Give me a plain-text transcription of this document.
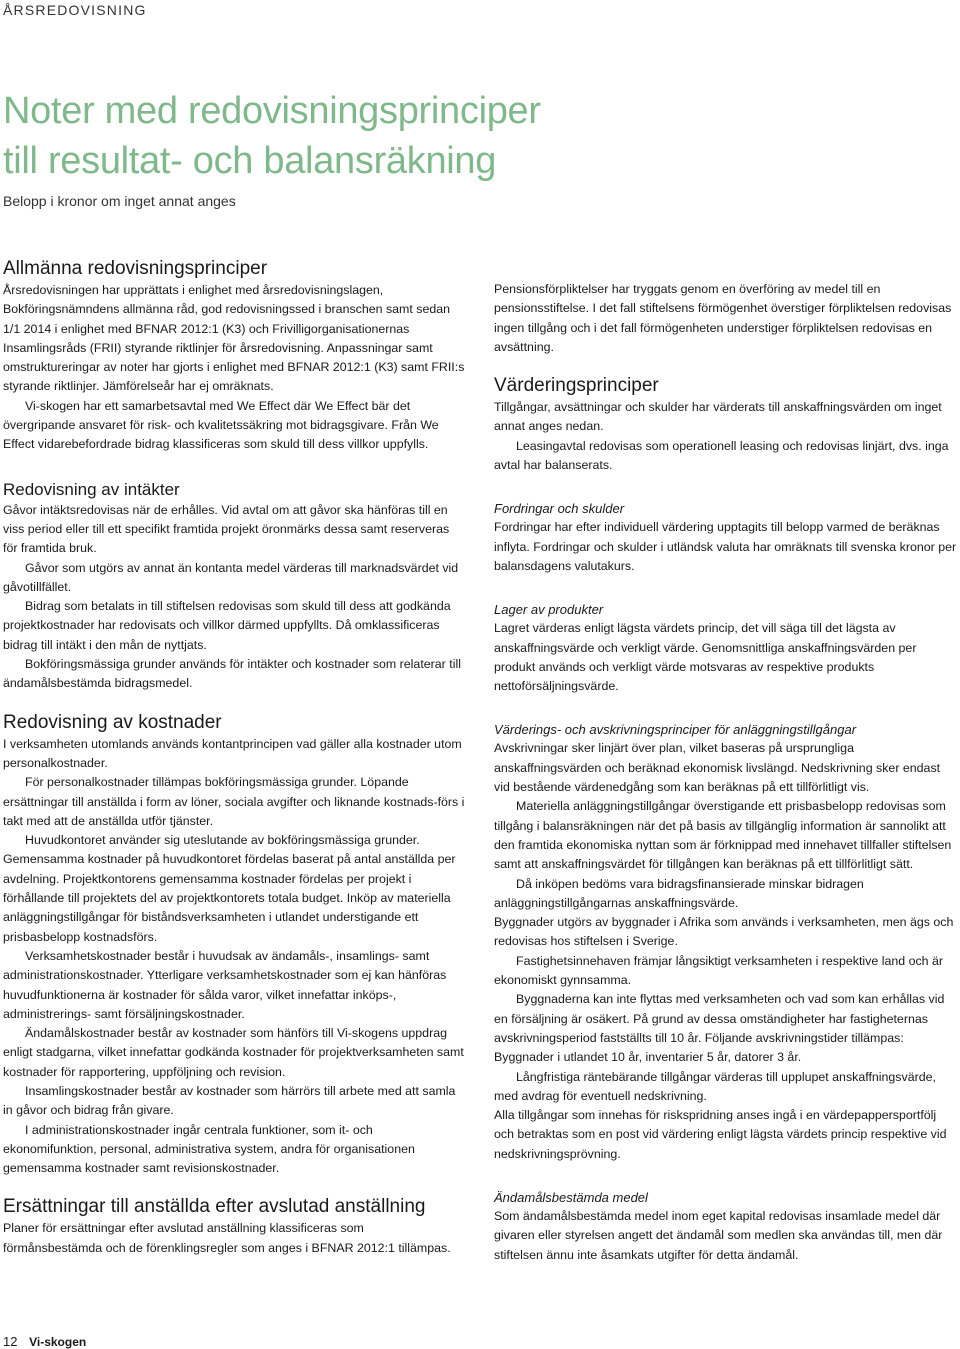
ÅRSREDOVISNING
Noter med redovisningsprinciper
till resultat- och balansräkning
Belopp i kronor om inget annat anges
Allmänna redovisningsprinciper

Årsredovisningen har upprättats i enlighet med årsredovisningslagen, Bokföringsnämndens allmänna råd, god redovisningssed i branschen samt sedan 1/1 2014 i enlighet med BFNAR 2012:1 (K3) och Frivilligorganisationernas Insamlingsråds (FRII) styrande riktlinjer för årsredovisning. Anpassningar samt omstruktureringar av noter har gjorts i enlighet med BFNAR 2012:1 (K3) samt FRII:s styrande riktlinjer. Jämförelseår har ej omräknats.

Vi-skogen har ett samarbetsavtal med We Effect där We Effect bär det övergripande ansvaret för risk- och kvalitetssäkring mot bidragsgivare. Från We Effect vidarebefordrade bidrag klassificeras som skuld till dess villkor uppfylls.

Redovisning av intäkter

Gåvor intäktsredovisas när de erhålles. Vid avtal om att gåvor ska hänföras till en viss period eller till ett specifikt framtida projekt öronmärks dessa samt reserveras för framtida bruk.

Gåvor som utgörs av annat än kontanta medel värderas till marknadsvärdet vid gåvotillfället.

Bidrag som betalats in till stiftelsen redovisas som skuld till dess att godkända projektkostnader har redovisats och villkor därmed uppfyllts. Då omklassificeras bidrag till intäkt i den mån de nyttjats.

Bokföringsmässiga grunder används för intäkter och kostnader som relaterar till ändamålsbestämda bidragsmedel.

Redovisning av kostnader

I verksamheten utomlands används kontantprincipen vad gäller alla kostnader utom personalkostnader.

För personalkostnader tillämpas bokföringsmässiga grunder. Löpande ersättningar till anställda i form av löner, sociala avgifter och liknande kostnads-förs i takt med att de anställda utför tjänster.

Huvudkontoret använder sig uteslutande av bokföringsmässiga grunder. Gemensamma kostnader på huvudkontoret fördelas baserat på antal anställda per avdelning. Projektkontorens gemensamma kostnader fördelas per projekt i förhållande till projektets del av projektkontorets totala budget. Inköp av materiella anläggningstillgångar för biståndsverksamheten i utlandet understigande ett prisbasbelopp kostnadsförs.

Verksamhetskostnader består i huvudsak av ändamåls-, insamlings- samt administrationskostnader. Ytterligare verksamhetskostnader som ej kan hänföras huvudfunktionerna är kostnader för sålda varor, vilket innefattar inköps-, administrerings- samt försäljningskostnader.

Ändamålskostnader består av kostnader som hänförs till Vi-skogens uppdrag enligt stadgarna, vilket innefattar godkända kostnader för projektverksamheten samt kostnader för rapportering, uppföljning och revision.

Insamlingskostnader består av kostnader som härrörs till arbete med att samla in gåvor och bidrag från givare.

I administrationskostnader ingår centrala funktioner, som it- och ekonomifunktion, personal, administrativa system, andra för organisationen gemensamma kostnader samt revisionskostnader.

Ersättningar till anställda efter avslutad anställning

Planer för ersättningar efter avslutad anställning klassificeras som förmånsbestämda och de förenklingsregler som anges i BFNAR 2012:1 tillämpas.

Pensionsförpliktelser har tryggats genom en överföring av medel till en pensionsstiftelse. I det fall stiftelsens förmögenhet överstiger förpliktelsen redovisas ingen tillgång och i det fall förmögenheten understiger förpliktelsen redovisas en avsättning.

Värderingsprinciper

Tillgångar, avsättningar och skulder har värderats till anskaffningsvärden om inget annat anges nedan.

Leasingavtal redovisas som operationell leasing och redovisas linjärt, dvs. inga avtal har balanserats.

Fordringar och skulder

Fordringar har efter individuell värdering upptagits till belopp varmed de beräknas inflyta. Fordringar och skulder i utländsk valuta har omräknats till svenska kronor per balansdagens valutakurs.

Lager av produkter

Lagret värderas enligt lägsta värdets princip, det vill säga till det lägsta av anskaffningsvärde och verkligt värde. Genomsnittliga anskaffningsvärden per produkt används och verkligt värde motsvaras av respektive produkts nettoförsäljningsvärde.

Värderings- och avskrivningsprinciper för anläggningstillgångar

Avskrivningar sker linjärt över plan, vilket baseras på ursprungliga anskaffningsvärden och beräknad ekonomisk livslängd. Nedskrivning sker endast vid bestående värdenedgång som kan beräknas på ett tillförlitligt vis.

Materiella anläggningstillgångar överstigande ett prisbasbelopp redovisas som tillgång i balansräkningen när det på basis av tillgänglig information är sannolikt att den framtida ekonomiska nyttan som är förknippad med innehavet tillfaller stiftelsen samt att anskaffningsvärdet för tillgången kan beräknas på ett tillförlitligt sätt.

Då inköpen bedöms vara bidragsfinansierade minskar bidragen anläggningstillgångarnas anskaffningsvärde.

Byggnader utgörs av byggnader i Afrika som används i verksamheten, men ägs och redovisas hos stiftelsen i Sverige.

Fastighetsinnehaven främjar långsiktigt verksamheten i respektive land och är ekonomiskt gynnsamma.

Byggnaderna kan inte flyttas med verksamheten och vad som kan erhållas vid en försäljning är osäkert. På grund av dessa omständigheter har fastigheternas avskrivningsperiod fastställts till 10 år. Följande avskrivningstider tillämpas: Byggnader i utlandet 10 år, inventarier 5 år, datorer 3 år.

Långfristiga räntebärande tillgångar värderas till upplupet anskaffningsvärde, med avdrag för eventuell nedskrivning.

Alla tillgångar som innehas för riskspridning anses ingå i en värdepappersportfölj och betraktas som en post vid värdering enligt lägsta värdets princip respektive vid nedskrivningsprövning.

Ändamålsbestämda medel

Som ändamålsbestämda medel inom eget kapital redovisas insamlade medel där givaren eller styrelsen angett det ändamål som medlen ska användas till, men där stiftelsen ännu inte åsamkats utgifter för detta ändamål.

12 Vi-skogen
